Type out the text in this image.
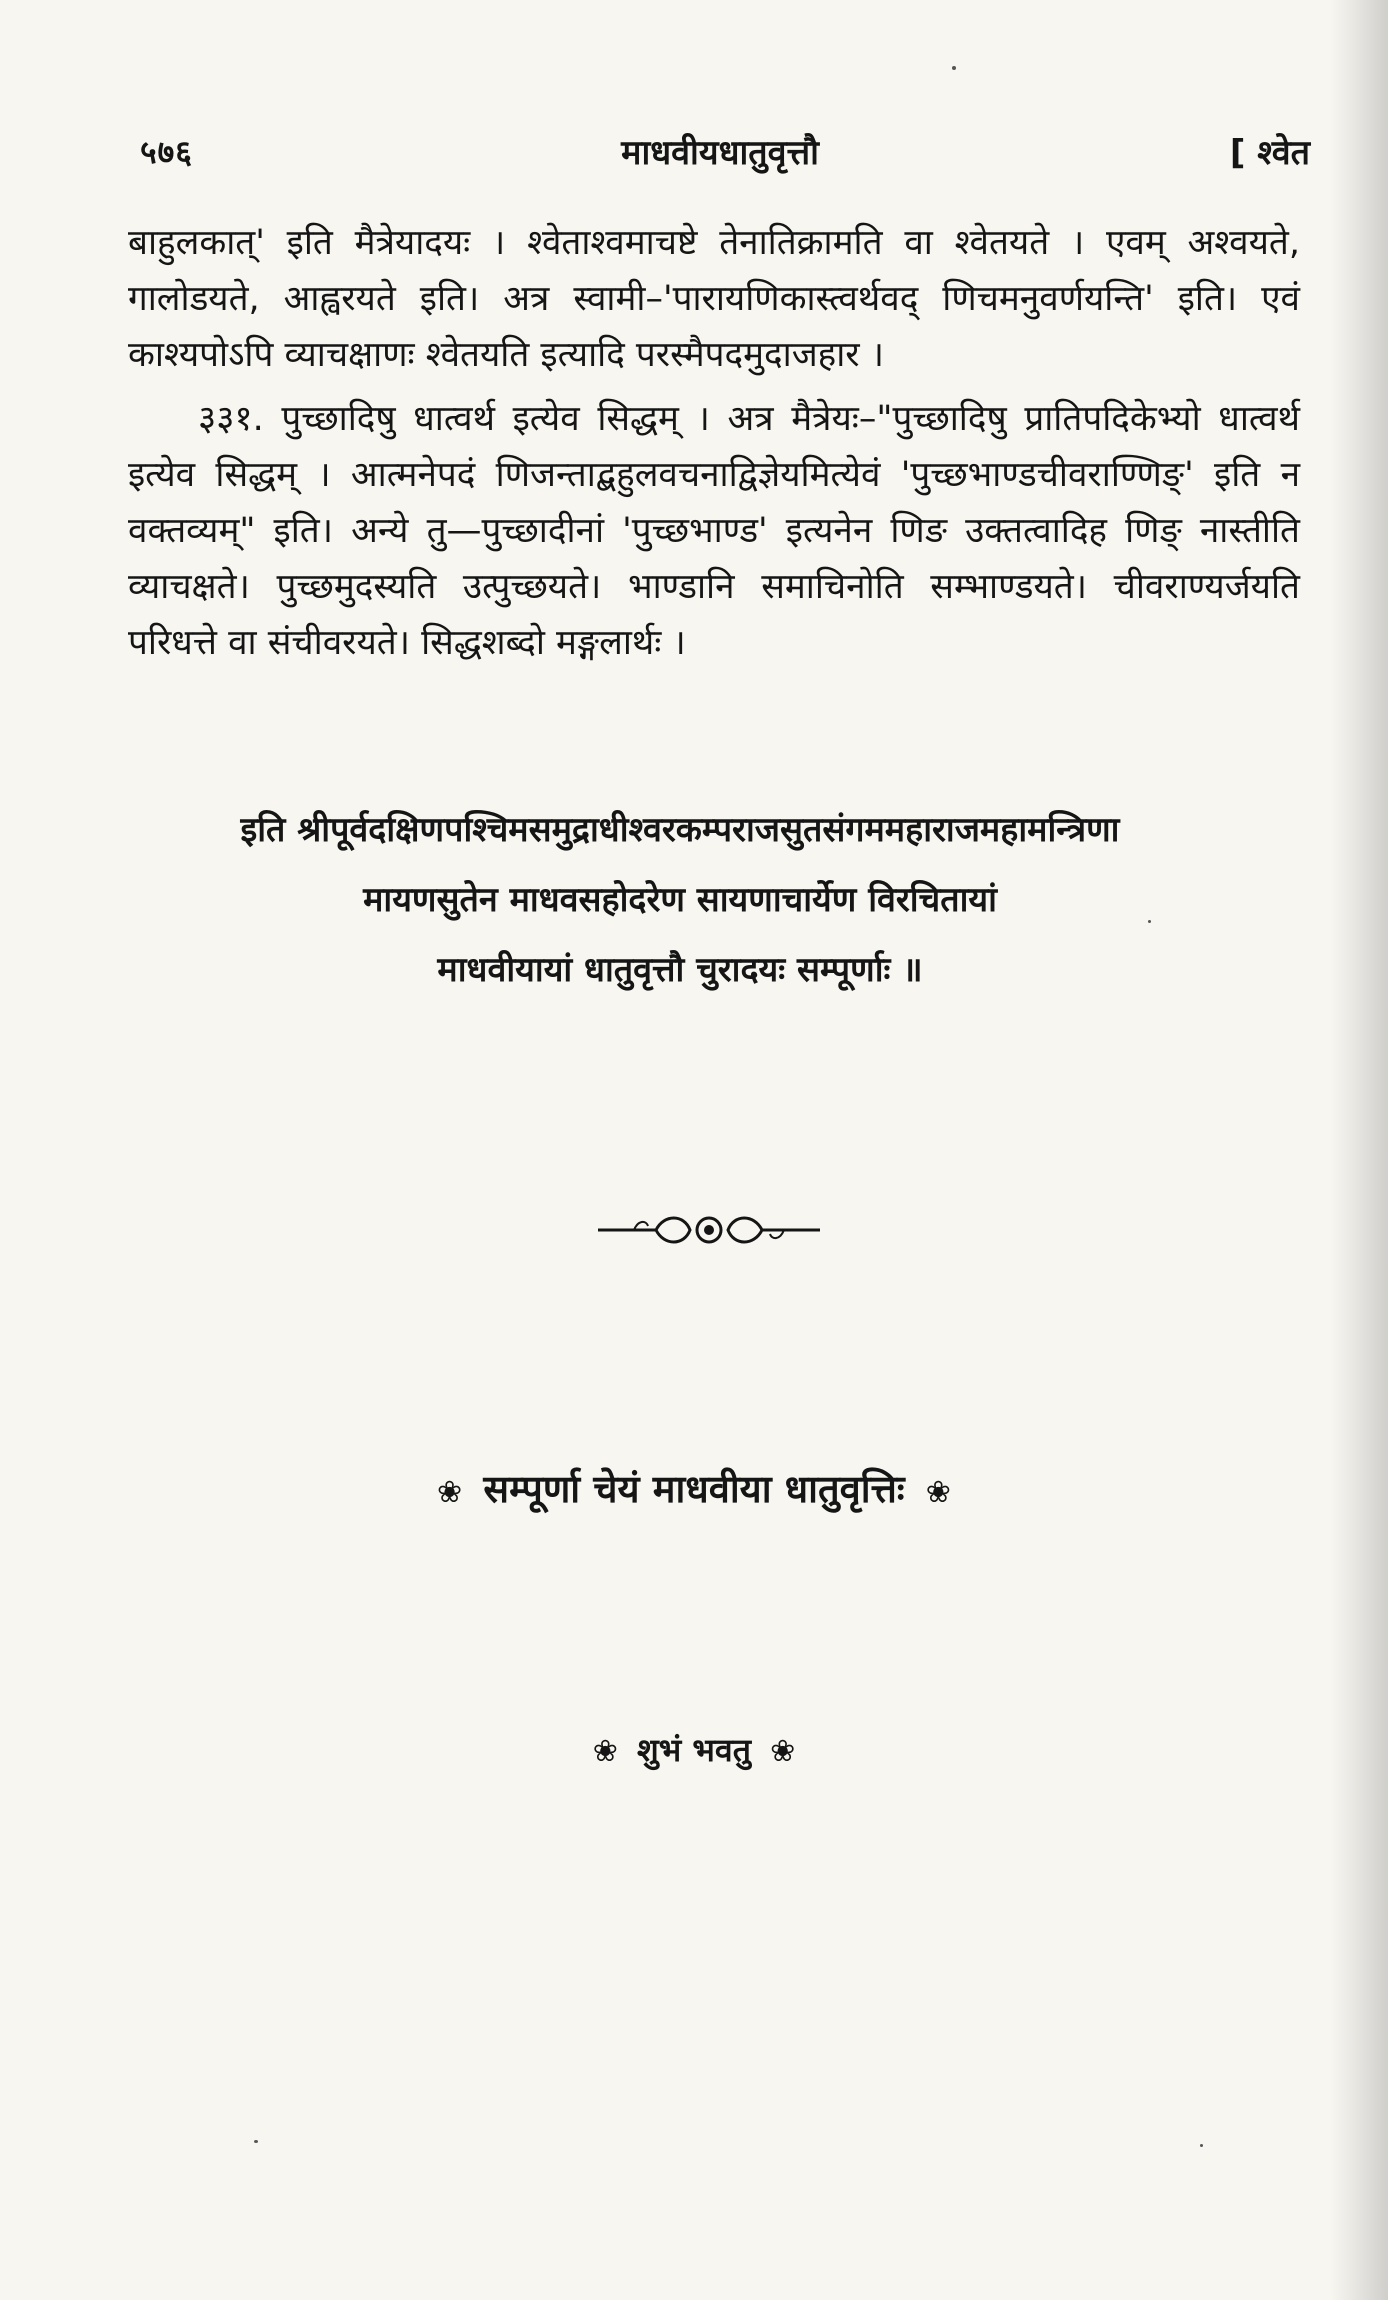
५७६	माधवीयधातुवृत्तौ	[ श्वेत

बाहुलकात्' इति मैत्रेयादयः । श्वेताश्वमाचष्टे तेनातिक्रामति वा श्वेतयते । एवम् अश्वयते, गालोडयते, आह्वरयते इति। अत्र स्वामी–'पारायणिकास्त्वर्थवद् णिचमनुवर्णयन्ति' इति। एवं काश्यपोऽपि व्याचक्षाणः श्वेतयति इत्यादि परस्मैपदमुदाजहार ।

३३१. पुच्छादिषु धात्वर्थ इत्येव सिद्धम् । अत्र मैत्रेयः–"पुच्छादिषु प्रातिपदिकेभ्यो धात्वर्थ इत्येव सिद्धम् । आत्मनेपदं णिजन्ताद्बहुलवचनाद्विज्ञेयमित्येवं 'पुच्छभाण्डचीवराण्णिङ्' इति न वक्तव्यम्" इति। अन्ये तु—पुच्छादीनां 'पुच्छभाण्ड' इत्यनेन णिङ उक्तत्वादिह णिङ् नास्तीति व्याचक्षते। पुच्छमुदस्यति उत्पुच्छयते। भाण्डानि समाचिनोति सम्भाण्डयते। चीवराण्यर्जयति परिधत्ते वा संचीवरयते। सिद्धशब्दो मङ्गलार्थः ।

इति श्रीपूर्वदक्षिणपश्चिमसमुद्राधीश्वरकम्पराजसुतसंगममहाराजमहामन्त्रिणा
मायणसुतेन माधवसहोदरेण सायणाचार्येण विरचितायां
माधवीयायां धातुवृत्तौ चुरादयः सम्पूर्णाः ॥
❀ सम्पूर्णा चेयं माधवीया धातुवृत्तिः ❀
❀ शुभं भवतु ❀
